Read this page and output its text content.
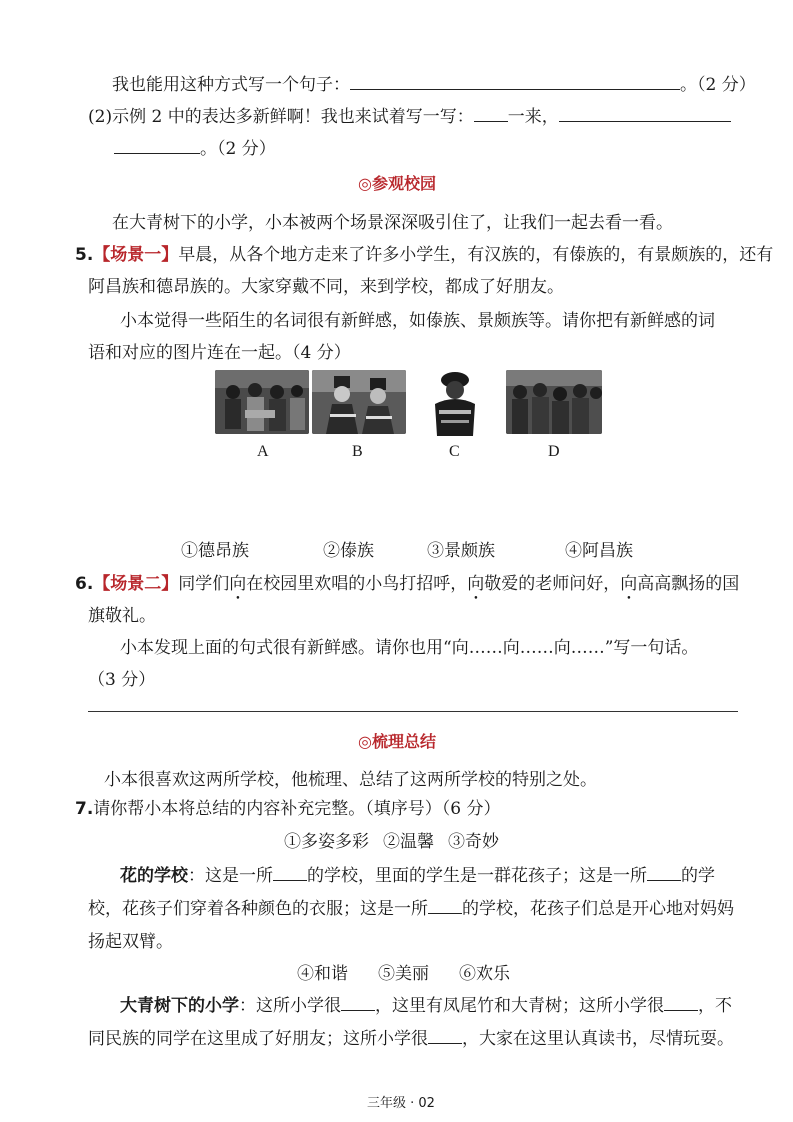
我也能用这种方式写一个句子：	。（2 分）
(2)示例 2 中的表达多新鲜啊！我也来试着写一写： 一来，
。（2 分）
◎参观校园
在大青树下的小学，小本被两个场景深深吸引住了，让我们一起去看一看。
5.【场景一】早晨，从各个地方走来了许多小学生，有汉族的，有傣族的，有景颇族的，还有
阿昌族和德昂族的。大家穿戴不同，来到学校，都成了好朋友。
小本觉得一些陌生的名词很有新鲜感，如傣族、景颇族等。请你把有新鲜感的词
语和对应的图片连在一起。（4 分）
A	B	C	D
①德昂族	②傣族	③景颇族	④阿昌族
6.【场景二】同学们向在校园里欢唱的小鸟打招呼，向敬爱的老师问好，向高高飘扬的国
旗敬礼。
小本发现上面的句式很有新鲜感。请你也用“向……向……向……”写一句话。
（3 分）
◎梳理总结
小本很喜欢这两所学校，他梳理、总结了这两所学校的特别之处。
7.请你帮小本将总结的内容补充完整。（填序号）（6 分）
①多姿多彩 ②温馨 ③奇妙
花的学校：这是一所 的学校，里面的学生是一群花孩子；这是一所 的学
校，花孩子们穿着各种颜色的衣服；这是一所 的学校，花孩子们总是开心地对妈妈
扬起双臂。
④和谐 ⑤美丽 ⑥欢乐
大青树下的小学：这所小学很 ，这里有凤尾竹和大青树；这所小学很 ，不
同民族的同学在这里成了好朋友；这所小学很 ，大家在这里认真读书，尽情玩耍。
三年级 · 02
